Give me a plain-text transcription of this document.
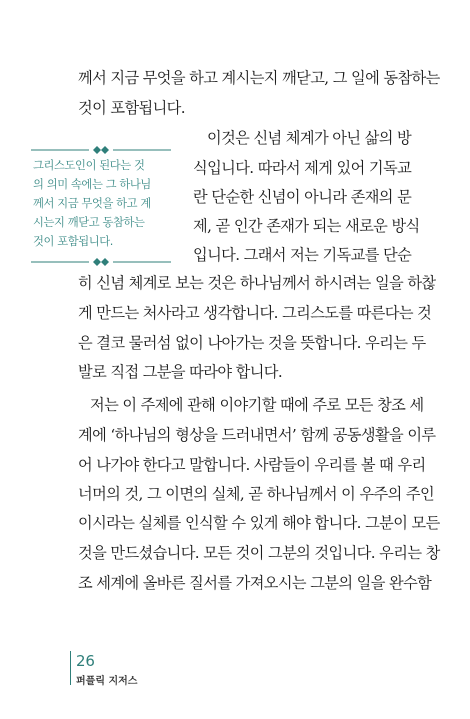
께서 지금 무엇을 하고 계시는지 깨닫고, 그 일에 동참하는
것이 포함됩니다.
그리스도인이 된다는 것
의 의미 속에는 그 하나님
께서 지금 무엇을 하고 계
시는지 깨닫고 동참하는
것이 포함됩니다.
이것은 신념 체계가 아닌 삶의 방
식입니다. 따라서 제게 있어 기독교
란 단순한 신념이 아니라 존재의 문
제, 곧 인간 존재가 되는 새로운 방식
입니다. 그래서 저는 기독교를 단순
히 신념 체계로 보는 것은 하나님께서 하시려는 일을 하찮
게 만드는 처사라고 생각합니다. 그리스도를 따른다는 것
은 결코 물러섬 없이 나아가는 것을 뜻합니다. 우리는 두
발로 직접 그분을 따라야 합니다.
저는 이 주제에 관해 이야기할 때에 주로 모든 창조 세
계에 ‘하나님의 형상을 드러내면서’ 함께 공동생활을 이루
어 나가야 한다고 말합니다. 사람들이 우리를 볼 때 우리
너머의 것, 그 이면의 실체, 곧 하나님께서 이 우주의 주인
이시라는 실체를 인식할 수 있게 해야 합니다. 그분이 모든
것을 만드셨습니다. 모든 것이 그분의 것입니다. 우리는 창
조 세계에 올바른 질서를 가져오시는 그분의 일을 완수함
26
퍼플릭 지저스
